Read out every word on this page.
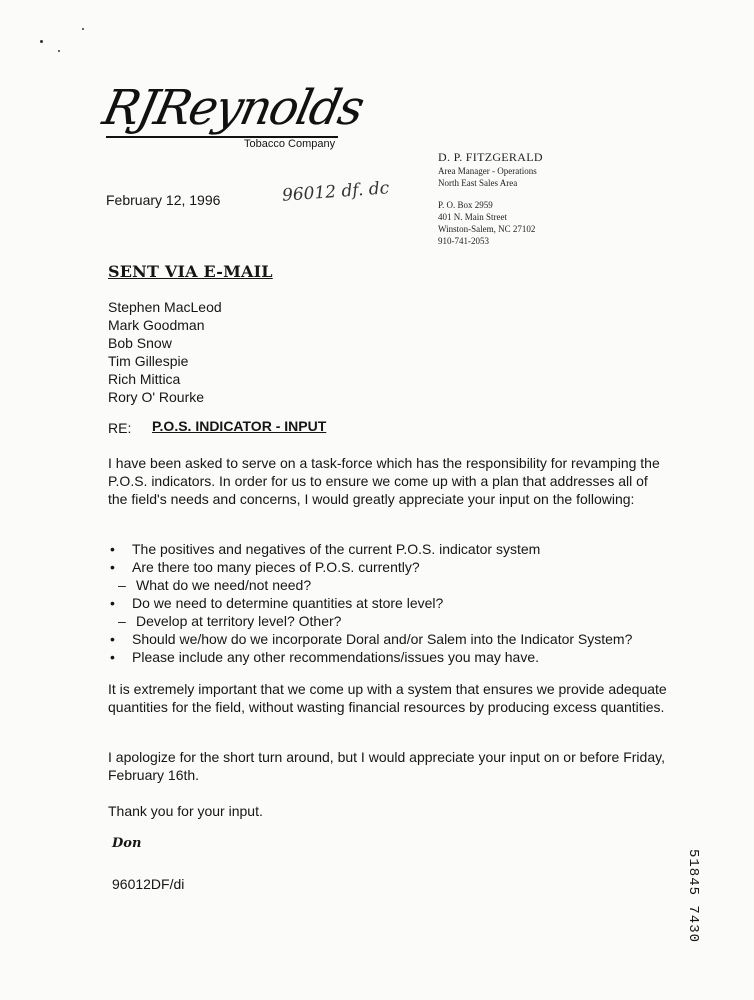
RJReynolds
Tobacco Company
96012 df. dc
February 12, 1996
D. P. FITZGERALD
Area Manager - Operations
North East Sales Area
P. O. Box 2959
401 N. Main Street
Winston-Salem, NC 27102
910-741-2053
SENT VIA E-MAIL
Stephen MacLeod
Mark Goodman
Bob Snow
Tim Gillespie
Rich Mittica
Rory O' Rourke
RE: P.O.S. INDICATOR - INPUT
I have been asked to serve on a task-force which has the responsibility for revamping the P.O.S. indicators. In order for us to ensure we come up with a plan that addresses all of the field's needs and concerns, I would greatly appreciate your input on the following:
• The positives and negatives of the current P.O.S. indicator system
• Are there too many pieces of P.O.S. currently?
– What do we need/not need?
• Do we need to determine quantities at store level?
– Develop at territory level? Other?
• Should we/how do we incorporate Doral and/or Salem into the Indicator System?
• Please include any other recommendations/issues you may have.
It is extremely important that we come up with a system that ensures we provide adequate quantities for the field, without wasting financial resources by producing excess quantities.
I apologize for the short turn around, but I would appreciate your input on or before Friday, February 16th.
Thank you for your input.
Don
96012DF/di	51845 7430
